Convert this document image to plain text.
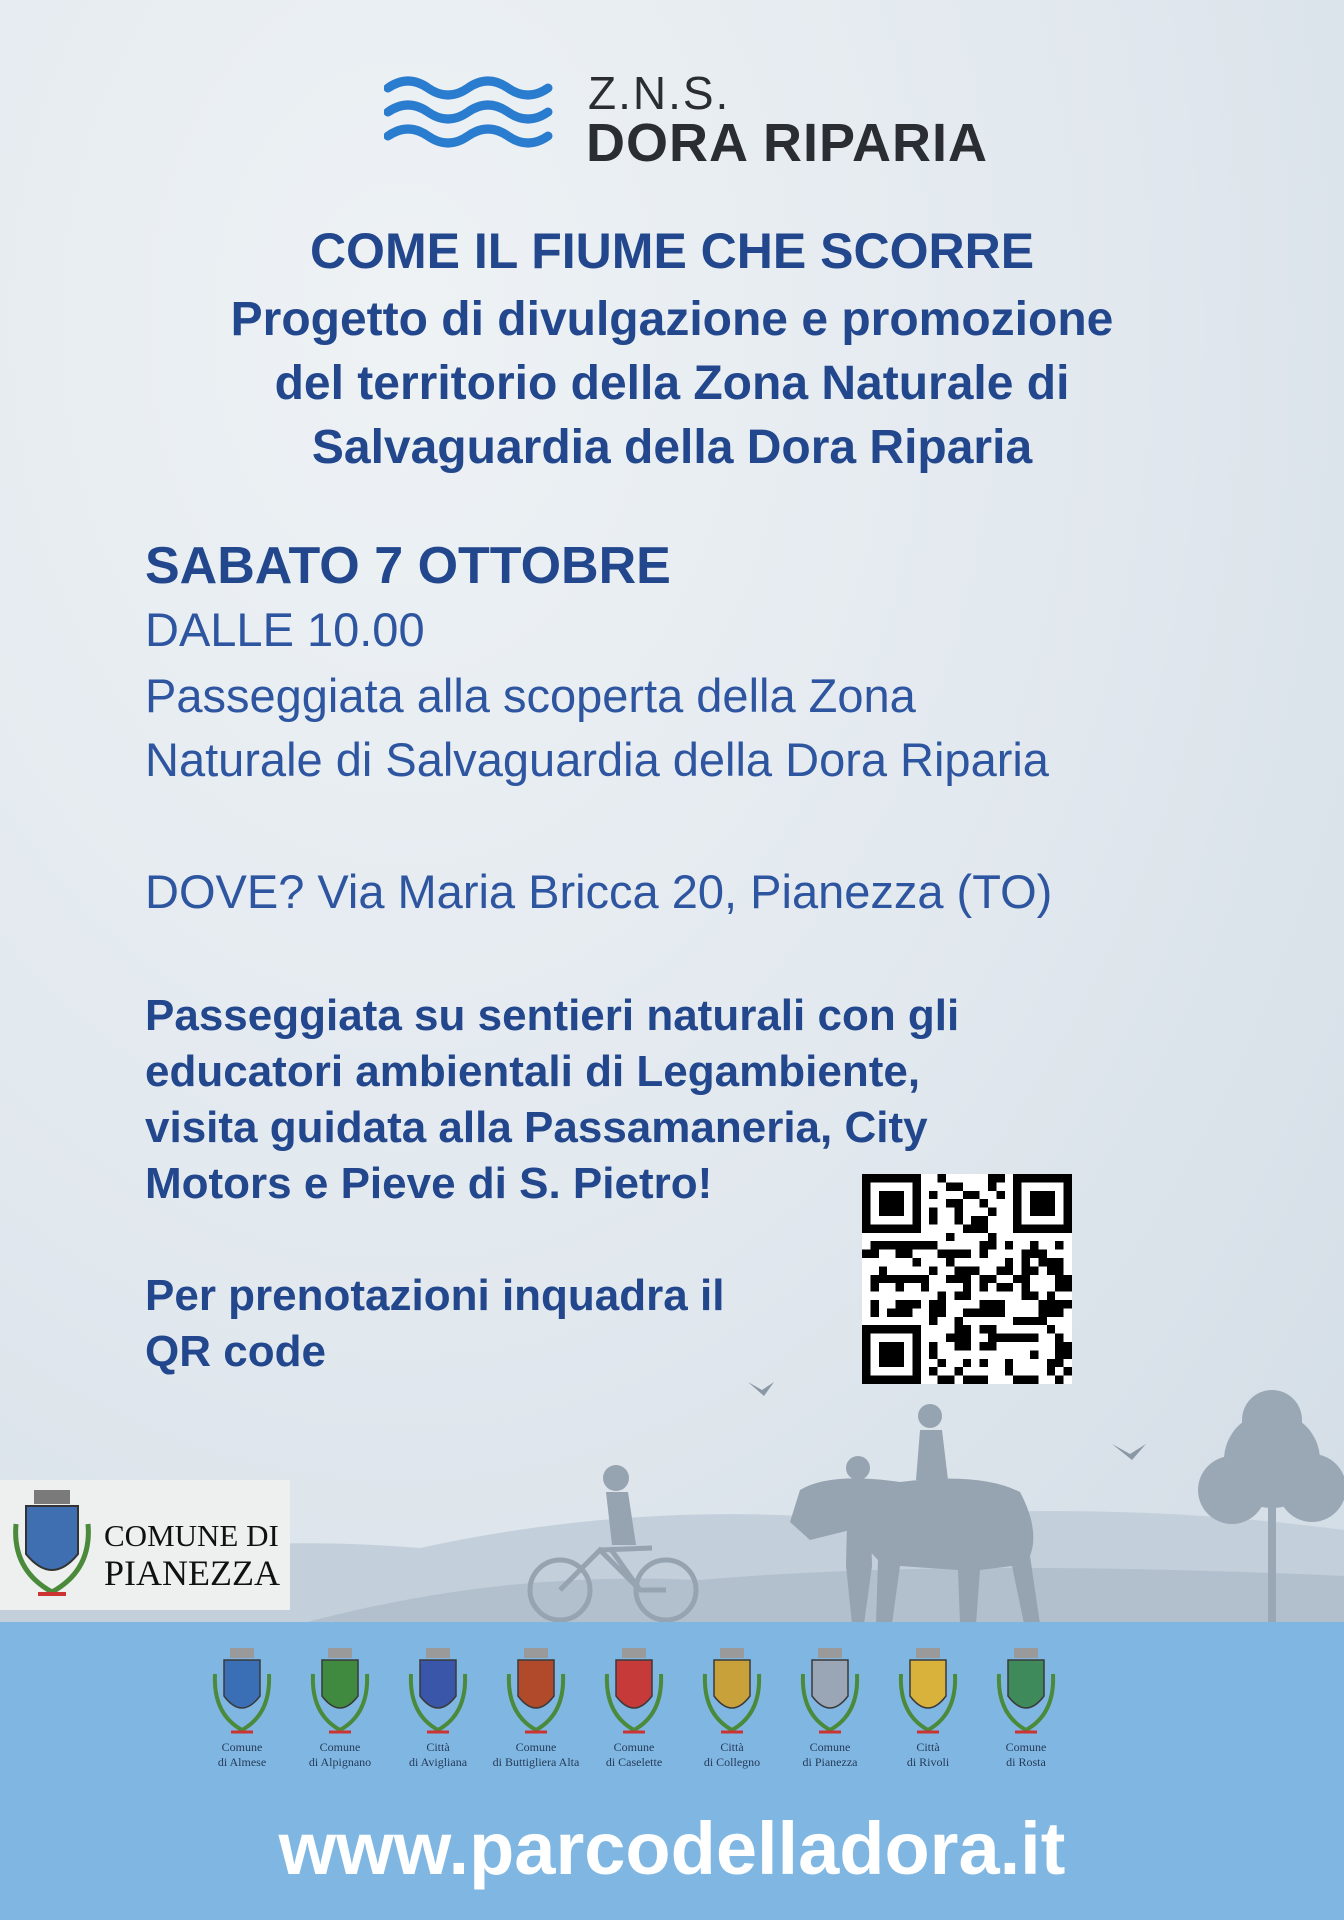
Z.N.S.
DORA RIPARIA
COME IL FIUME CHE SCORRE
Progetto di divulgazione e promozione
del territorio della Zona Naturale di
Salvaguardia della Dora Riparia
SABATO 7 OTTOBRE
DALLE 10.00
Passeggiata alla scoperta della Zona
Naturale di Salvaguardia della Dora Riparia
DOVE? Via Maria Bricca 20, Pianezza (TO)
Passeggiata su sentieri naturali con gli
educatori ambientali di Legambiente,
visita guidata alla Passamaneria, City
Motors e Pieve di S. Pietro!
Per prenotazioni inquadra il
QR code
COMUNE DI
PIANEZZA
Comune
di Almese
Comune
di Alpignano
Città
di Avigliana
Comune
di Buttigliera Alta
Comune
di Caselette
Città
di Collegno
Comune
di Pianezza
Città
di Rivoli
Comune
di Rosta
www.parcodelladora.it
